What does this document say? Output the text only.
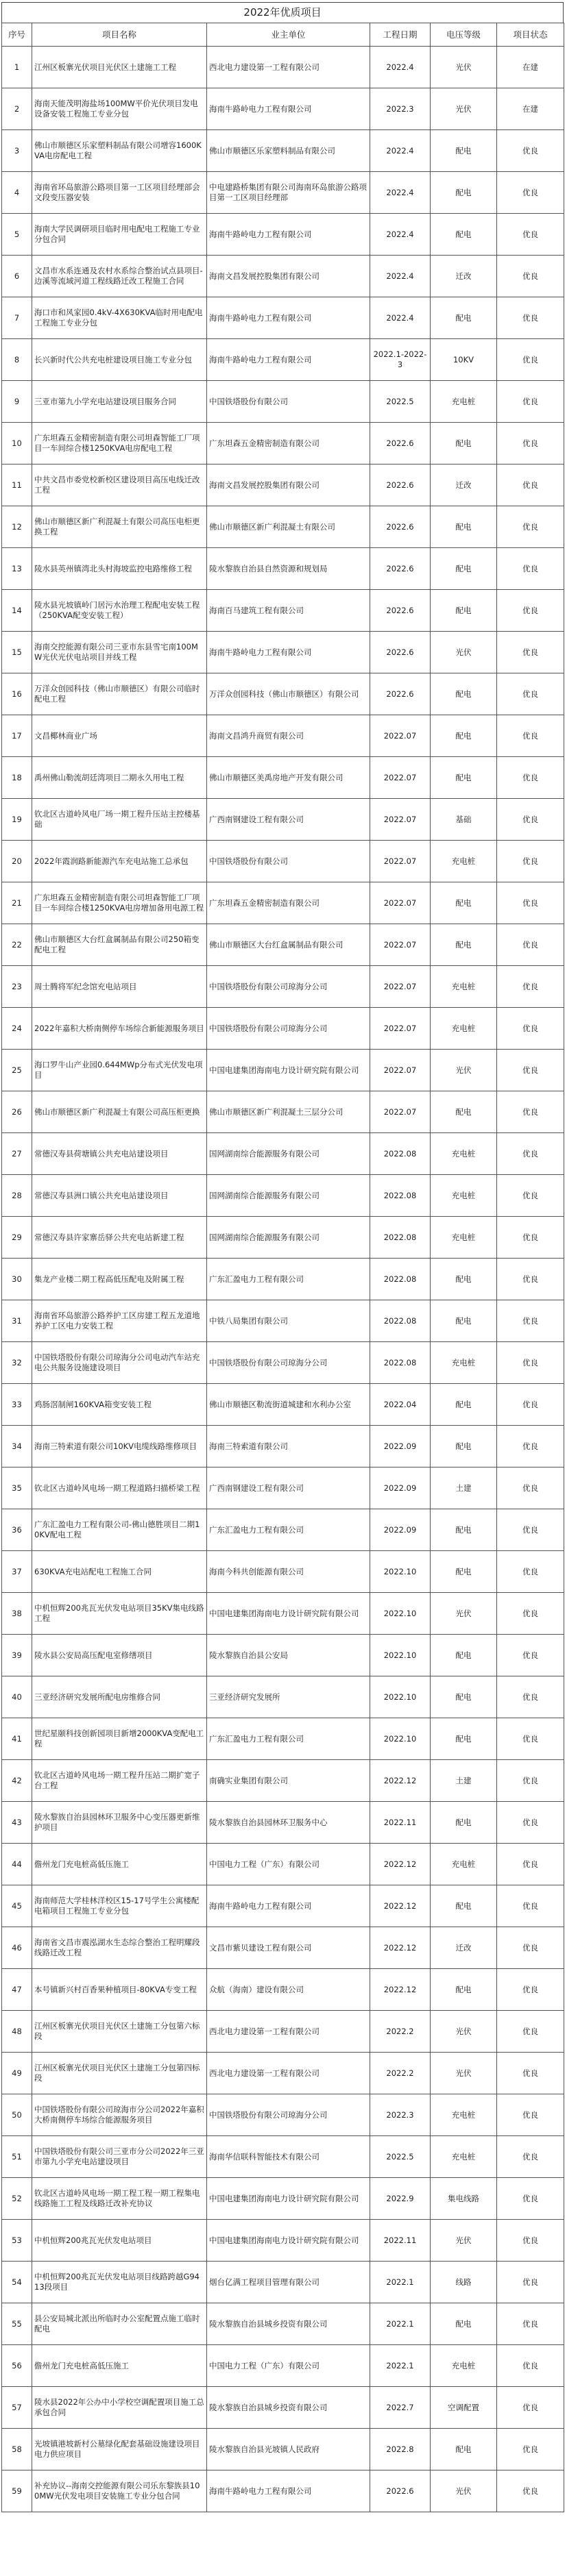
2022年优质项目
序号	项目名称	业主单位	工程日期	电压等级	项目状态
1	江州区板寨光伏项目光伏区土建施工工程	西北电力建设第一工程有限公司	2022.4	光伏	在建
2	海南天能茂明海盐场100MW平价光伏项目发电设备安装工程施工专业分包	海南牛路岭电力工程有限公司	2022.3	光伏	在建
3	佛山市顺德区乐家塑料制品有限公司增容1600KVA电房配电工程	佛山市顺德区乐家塑料制品有限公司	2022.4	配电	优良
4	海南省环岛旅游公路项目第一工区项目经理部会文段变压器安装	中电建路桥集团有限公司海南环岛旅游公路项目第一工区项目经理部	2022.4	配电	优良
5	海南大学民调研项目临时用电配电工程施工专业分包合同	海南牛路岭电力工程有限公司	2022.4	配电	优良
6	文昌市水系连通及农村水系综合整治试点县项目-边溪等流域河道工程线路迁改工程施工合同	海南文昌发展控股集团有限公司	2022.4	迁改	优良
7	海口市和风家园0.4kV-4X630KVA临时用电配电工程施工专业分包	海南牛路岭电力工程有限公司	2022.4	配电	优良
8	长兴新时代公共充电桩建设项目施工专业分包	海南牛路岭电力工程有限公司	2022.1-2022-3	10KV	优良
9	三亚市第九小学充电站建设项目服务合同	中国铁塔股份有限公司	2022.5	充电桩	优良
10	广东坦森五金精密制造有限公司坦森智能工厂项目一车间综合楼1250KVA电房配电工程	广东坦森五金精密制造有限公司	2022.6	配电	优良
11	中共文昌市委党校新校区建设项目高压电线迁改工程	海南文昌发展控股集团有限公司	2022.6	迁改	优良
12	佛山市顺德区新广利混凝土有限公司高压电柜更换工程	佛山市顺德区新广利混凝土有限公司	2022.6	配电	优良
13	陵水县英州镇湾北头村海坡监控电路维修工程	陵水黎族自治县自然资源和规划局	2022.6	配电	优良
14	陵水县光坡镇岭门居污水治理工程配电安装工程（250KVA配变安装工程）	海南百马建筑工程有限公司	2022.6	配电	优良
15	海南交控能源有限公司三亚市东县雪宅南100MW光伏光伏电站项目并线工程	海南牛路岭电力工程有限公司	2022.6	光伏	优良
16	万洋众创园科技（佛山市顺德区）有限公司临时配电工程	万洋众创园科技（佛山市顺德区）有限公司	2022.6	配电	优良
17	文昌椰林商业广场	海南文昌鸿升商贸有限公司	2022.07	配电	优良
18	禹州佛山勒流胡廷湾项目二期永久用电工程	佛山市顺德区美禹房地产开发有限公司	2022.07	配电	优良
19	钦北区古道岭风电厂场一期工程升压站主控楼基础	广西南钢建设工程有限公司	2022.07	基础	优良
20	2022年霞润路新能源汽车充电站施工总承包	中国铁塔股份有限公司	2022.07	充电桩	优良
21	广东坦森五金精密制造有限公司坦森智能工厂项目一车间综合楼1250KVA电房增加备用电源工程	广东坦森五金精密制造有限公司	2022.07	配电	优良
22	佛山市顺德区大台红盒属制品有限公司250箱变配电工程	佛山市顺德区大台红盒属制品有限公司	2022.07	配电	优良
23	周士腾将军纪念馆充电站项目	中国铁塔股份有限公司琼海分公司	2022.07	充电桩	优良
24	2022年嘉积大桥南侧停车场综合新能源服务项目	中国铁塔股份有限公司琼海分公司	2022.07	充电桩	优良
25	海口罗牛山产业园0.644MWp分布式光伏发电项目	中国电建集团海南电力设计研究院有限公司	2022.07	光伏	优良
26	佛山市顺德区新广利混凝土有限公司高压柜更换	佛山市顺德区新广利混凝土三层分公司	2022.07	配电	优良
27	常德汉寿县荷塘镇公共充电站建设项目	国网湖南综合能源服务有限公司	2022.08	充电桩	优良
28	常德汉寿县洲口镇公共充电站建设项目	国网湖南综合能源服务有限公司	2022.08	充电桩	优良
29	常德汉寿县许家寨岳驿公共充电站新建工程	国网湖南综合能源服务有限公司	2022.08	充电桩	优良
30	集龙产业楼二期工程高低压配电及附属工程	广东汇盈电力工程有限公司	2022.08	配电	优良
31	海南省环岛旅游公路养护工区房建工程五龙道地养护工区电力安装工程	中铁八局集团有限公司	2022.08	配电	优良
32	中国铁塔股份有限公司琼海分公司电动汽车站充电公共服务设施建设项目	中国铁塔股份有限公司琼海分公司	2022.08	充电桩	优良
33	鸡肠滘制闸160KVA箱变安装工程	佛山市顺德区勒流街道城建和水利办公室	2022.04	配电	优良
34	海南三特索道有限公司10KV电缆线路维修项目	海南三特索道有限公司	2022.09	配电	优良
35	钦北区古道岭风电场一期工程道路扫描桥梁工程	广西南钢建设工程有限公司	2022.09	土建	优良
36	广东汇盈电力工程有限公司-佛山德胜项目二期10KV配电工程	广东汇盈电力工程有限公司	2022.09	配电	优良
37	630KVA充电站配电工程施工合同	海南今科共创能源有限公司	2022.10	配电	优良
38	中机恒辉200兆瓦光伏发电站项目35KV集电线路工程	中国电建集团海南电力设计研究院有限公司	2022.10	光伏	优良
39	陵水县公安局高压配电室修缮项目	陵水黎族自治县公安局	2022.10	配电	优良
40	三亚经济研究发展所配电房维修合同	三亚经济研究发展所	2022.10	配电	优良
41	世纪星颐科技创新园项目新增2000KVA变配电工程	广东汇盈电力工程有限公司	2022.10	配电	优良
42	钦北区古道岭风电场一期工程升压站二期扩宽子台工程	南确实业集团有限公司	2022.12	土建	优良
43	陵水黎族自治县园林环卫服务中心变压器更新维护项目	陵水黎族自治县园林环卫服务中心	2022.11	配电	优良
44	儋州龙门充电桩高低压施工	中国电力工程（广东）有限公司	2022.12	充电桩	优良
45	海南师范大学桂林洋校区15-17号学生公寓楼配电箱项目工程施工专业分包	海南牛路岭电力工程有限公司	2022.12	配电	优良
46	海南省文昌市震泓湖水生态综合整治工程明耀段线路迁改工程	文昌市紫贝建设工程有限公司	2022.12	迁改	优良
47	本号镇新兴村百香果种植项目-80KVA专变工程	众航（海南）建设有限公司	2022.12	配电	优良
48	江州区板寨光伏项目光伏区土建施工分包第六标段	西北电力建设第一工程有限公司	2022.2	光伏	优良
49	江州区板寨光伏项目光伏区土建施工分包第四标段	西北电力建设第一工程有限公司	2022.2	光伏	优良
50	中国铁塔股份有限公司琼海市分公司2022年嘉积大桥南侧停车场综合能源服务项目	中国铁塔股份有限公司琼海分公司	2022.3	充电桩	优良
51	中国铁塔股份有限公司三亚市分公司2022年三亚市第九小学充电站建设项目	海南华信联科智能技术有限公司	2022.5	充电桩	优良
52	钦北区古道岭风电场一期工程工程一期工程集电线路施工工程及线路迁改补充协议	中国电建集团海南电力设计研究院有限公司	2022.9	集电线路	优良
53	中机恒辉200兆瓦光伏发电站项目	中国电建集团海南电力设计研究院有限公司	2022.11	光伏	优良
54	中机恒辉200兆瓦光伏发电站项目线路跨越G9413段项目	烟台亿满工程项目管理有限公司	2022.1	线路	优良
55	县公安局城北派出所临时办公室配置点施工临时配电	陵水黎族自治县城乡投资有限公司	2022.1	配电	优良
56	儋州龙门充电桩高低压施工	中国电力工程（广东）有限公司	2022.1	充电桩	优良
57	陵水县2022年公办中小学校空调配置项目施工总承包合同	陵水黎族自治县城乡投资有限公司	2022.7	空调配置	优良
58	光坡镇港坡新村公墓绿化配套基础设施建设项目电力供应项目	陵水黎族自治县光坡镇人民政府	2022.8	配电	优良
59	补充协议--海南交控能源有限公司乐东黎族县100MW光伏发电项目安装施工专业分包合同	海南牛路岭电力工程有限公司	2022.6	光伏	优良
